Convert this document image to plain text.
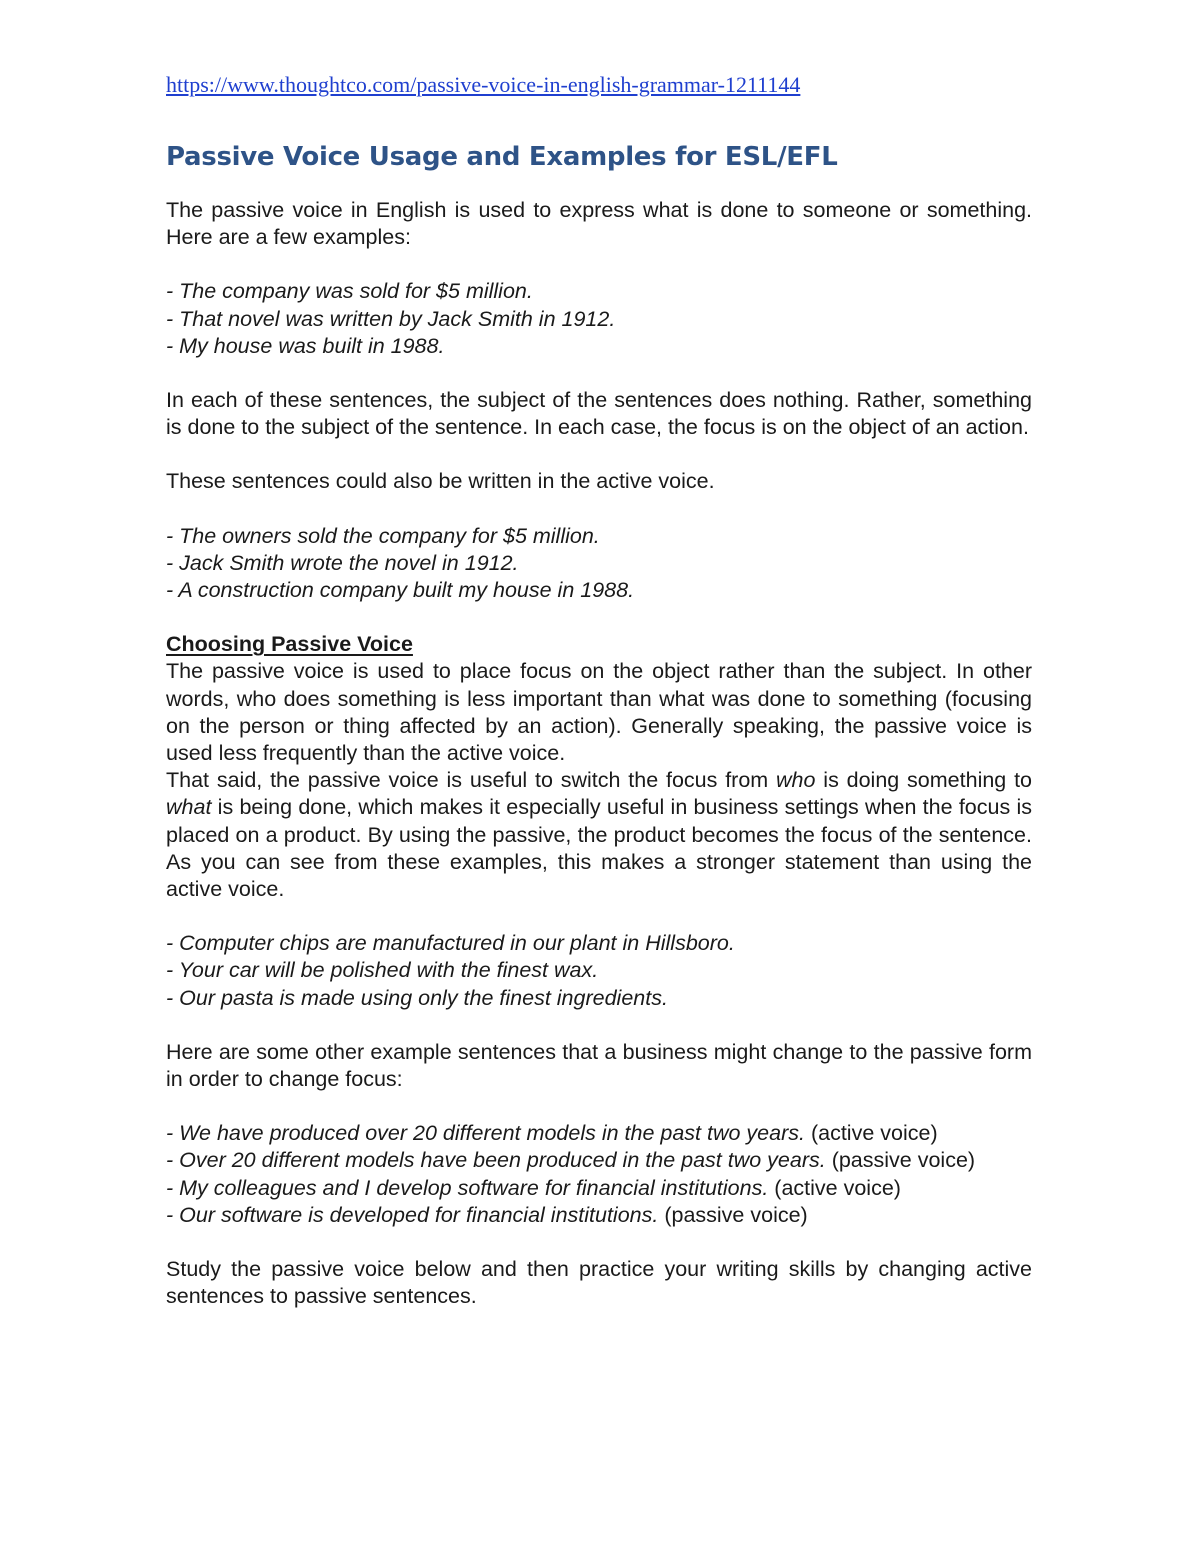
https://www.thoughtco.com/passive-voice-in-english-grammar-1211144
Passive Voice Usage and Examples for ESL/EFL

The passive voice in English is used to express what is done to someone or something. Here are a few examples:

- The company was sold for $5 million.

- That novel was written by Jack Smith in 1912.

- My house was built in 1988.

In each of these sentences, the subject of the sentences does nothing. Rather, something is done to the subject of the sentence. In each case, the focus is on the object of an action.

These sentences could also be written in the active voice.

- The owners sold the company for $5 million.

- Jack Smith wrote the novel in 1912.

- A construction company built my house in 1988.

Choosing Passive Voice

The passive voice is used to place focus on the object rather than the subject. In other words, who does something is less important than what was done to something (focusing on the person or thing affected by an action). Generally speaking, the passive voice is used less frequently than the active voice.

That said, the passive voice is useful to switch the focus from who is doing something to what is being done, which makes it especially useful in business settings when the focus is placed on a product. By using the passive, the product becomes the focus of the sentence. As you can see from these examples, this makes a stronger statement than using the active voice.

- Computer chips are manufactured in our plant in Hillsboro.

- Your car will be polished with the finest wax.

- Our pasta is made using only the finest ingredients.

Here are some other example sentences that a business might change to the passive form in order to change focus:

- We have produced over 20 different models in the past two years. (active voice)

- Over 20 different models have been produced in the past two years. (passive voice)

- My colleagues and I develop software for financial institutions. (active voice)

- Our software is developed for financial institutions. (passive voice)

Study the passive voice below and then practice your writing skills by changing active sentences to passive sentences.
